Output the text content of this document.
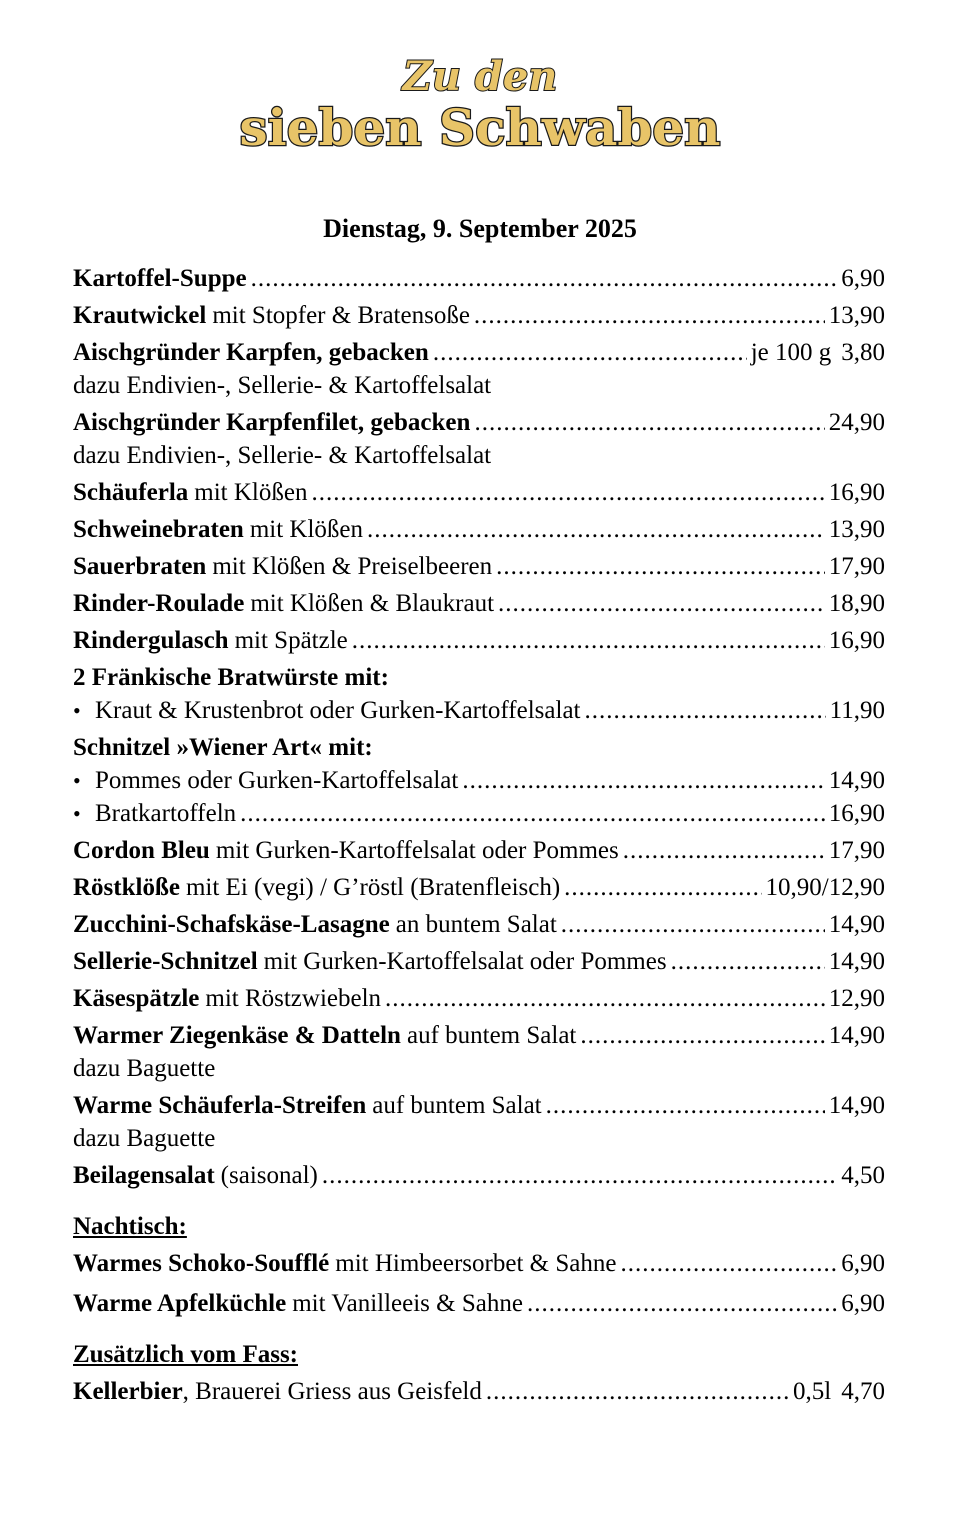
Zu den
sieben Schwaben
Dienstag, 9. September 2025
Kartoffel-Suppe .....	6,90
Krautwickel mit Stopfer & Bratensoße .....	13,90
Aischgründer Karpfen, gebacken .....	je 100 g 3,80
dazu Endivien-, Sellerie- & Kartoffelsalat
Aischgründer Karpfenfilet, gebacken .....	24,90
dazu Endivien-, Sellerie- & Kartoffelsalat
Schäuferla mit Klößen .....	16,90
Schweinebraten mit Klößen .....	13,90
Sauerbraten mit Klößen & Preiselbeeren .....	17,90
Rinder-Roulade mit Klößen & Blaukraut .....	18,90
Rindergulasch mit Spätzle .....	16,90
2 Fränkische Bratwürste mit:
• Kraut & Krustenbrot oder Gurken-Kartoffelsalat .....	11,90
Schnitzel »Wiener Art« mit:
• Pommes oder Gurken-Kartoffelsalat .....	14,90
• Bratkartoffeln .....	16,90
Cordon Bleu mit Gurken-Kartoffelsalat oder Pommes .....	17,90
Röstklöße mit Ei (vegi) / G’röstl (Bratenfleisch) .....	10,90/12,90
Zucchini-Schafskäse-Lasagne an buntem Salat .....	14,90
Sellerie-Schnitzel mit Gurken-Kartoffelsalat oder Pommes .....	14,90
Käsespätzle mit Röstzwiebeln .....	12,90
Warmer Ziegenkäse & Datteln auf buntem Salat .....	14,90
dazu Baguette
Warme Schäuferla-Streifen auf buntem Salat .....	14,90
dazu Baguette
Beilagensalat (saisonal) .....	4,50
Nachtisch:
Warmes Schoko-Soufflé mit Himbeersorbet & Sahne .....	6,90
Warme Apfelküchle mit Vanilleeis & Sahne .....	6,90
Zusätzlich vom Fass:
Kellerbier , Brauerei Griess aus Geisfeld .....	0,5l 4,70
